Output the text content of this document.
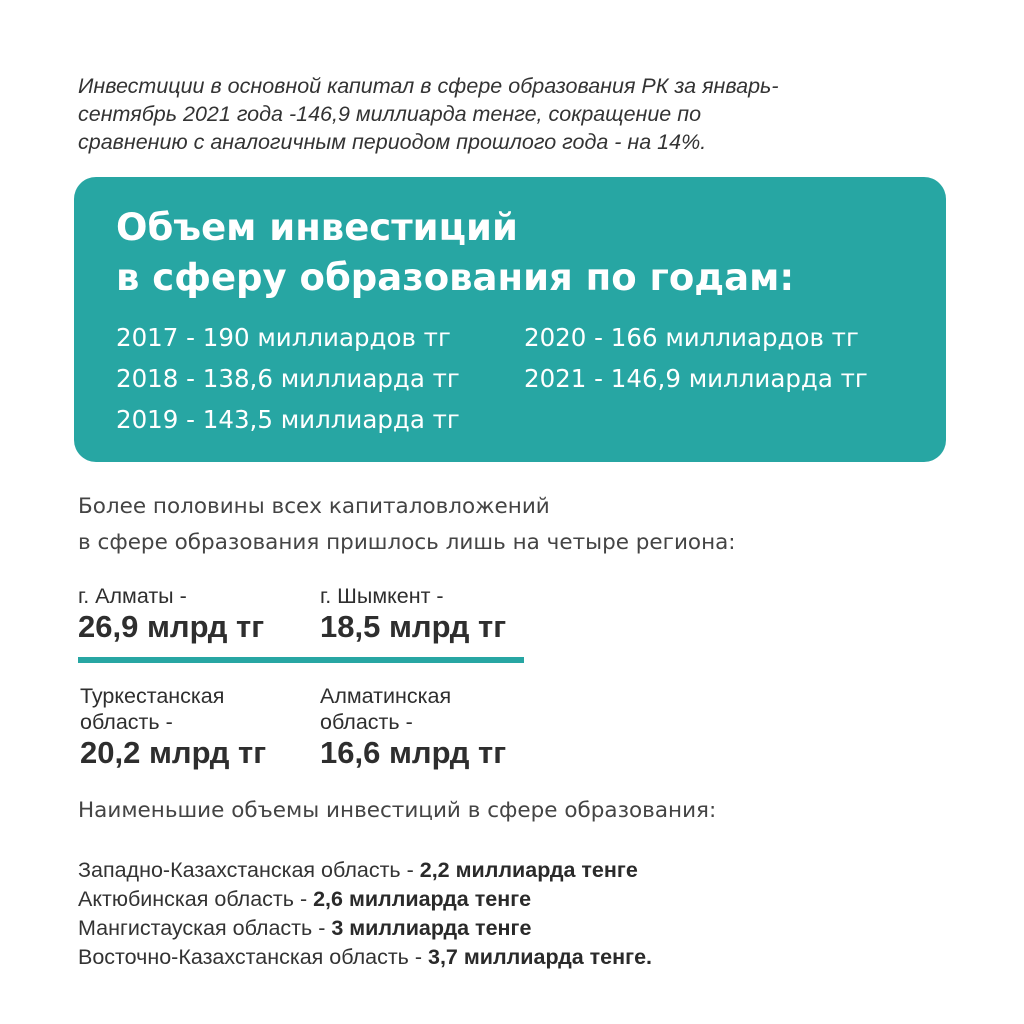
Инвестиции в основной капитал в сфере образования РК за январь-
сентябрь 2021 года -146,9 миллиарда тенге, сокращение по
сравнению с аналогичным периодом прошлого года - на 14%.
Объем инвестиций
в сферу образования по годам:
2017 - 190 миллиардов тг
2018 - 138,6 миллиарда тг
2019 - 143,5 миллиарда тг
2020 - 166 миллиардов тг
2021 - 146,9 миллиарда тг
Более половины всех капиталовложений
в сфере образования пришлось лишь на четыре региона:
г. Алматы -
26,9 млрд тг
г. Шымкент -
18,5 млрд тг
Туркестанская
область -
20,2 млрд тг
Алматинская
область -
16,6 млрд тг
Наименьшие объемы инвестиций в сфере образования:
Западно-Казахстанская область - 2,2 миллиарда тенге
Актюбинская область - 2,6 миллиарда тенге
Мангистауская область - 3 миллиарда тенге
Восточно-Казахстанская область - 3,7 миллиарда тенге.
